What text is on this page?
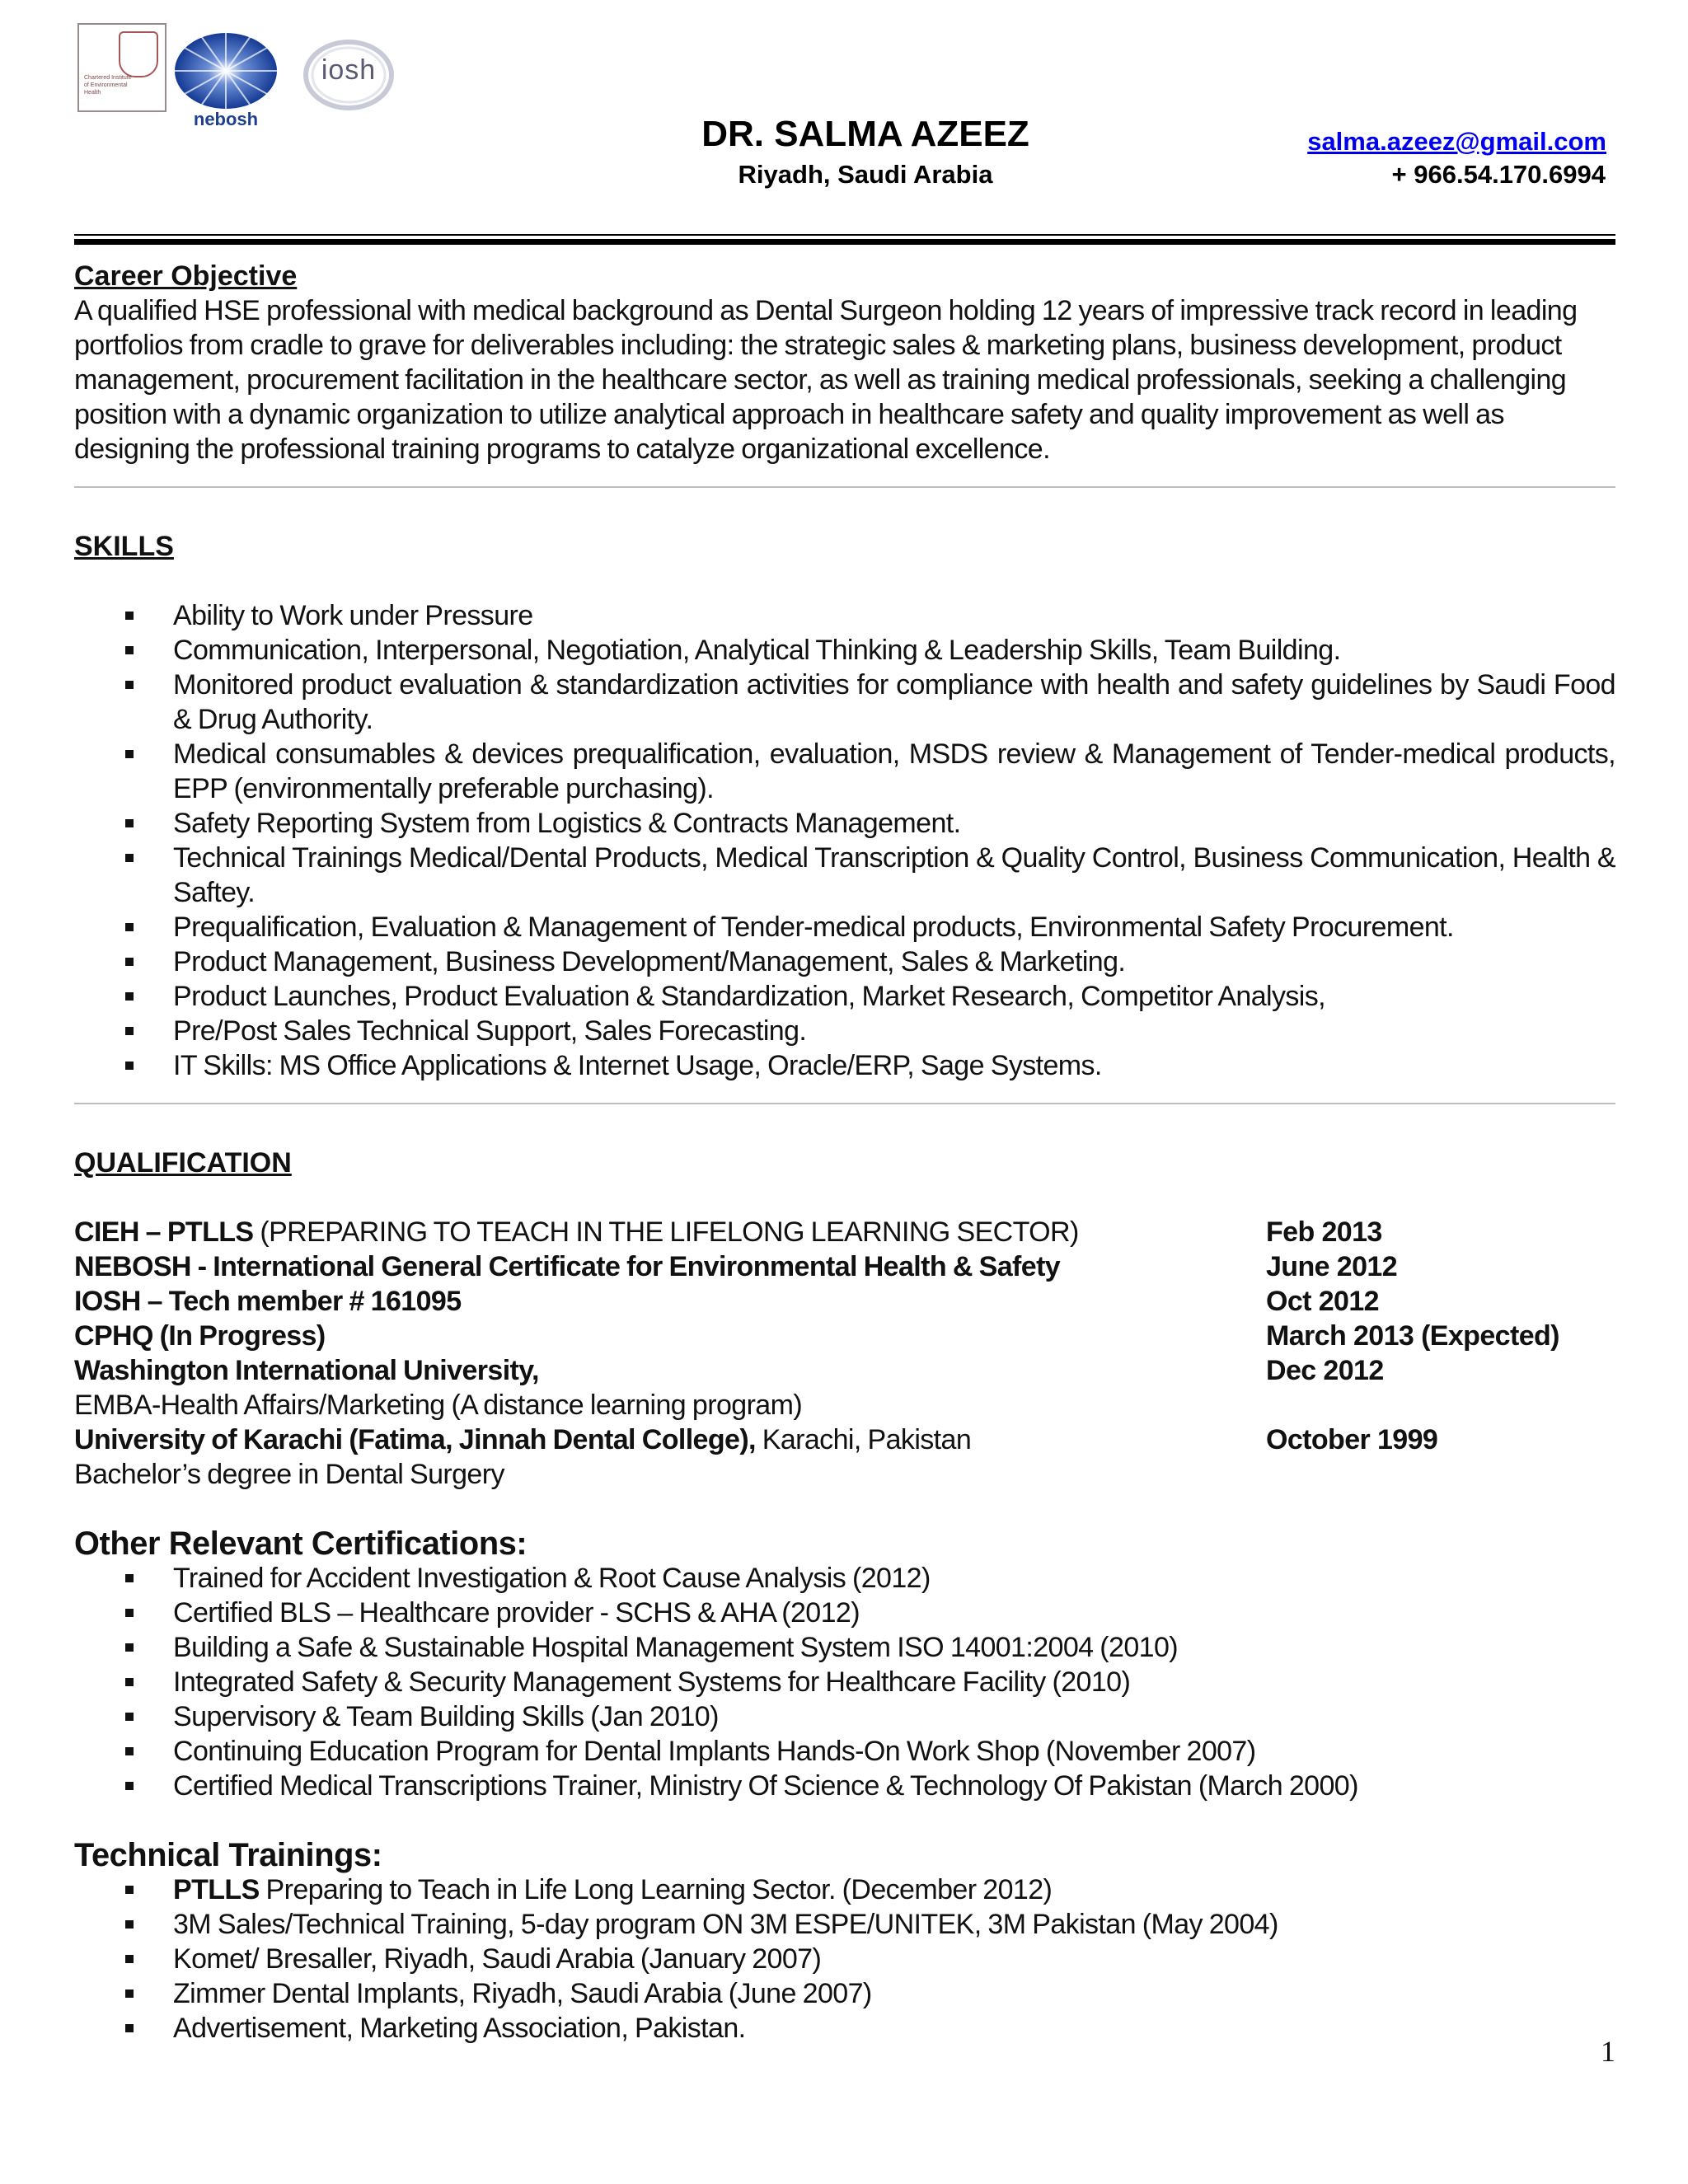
Chartered Institute of Environmental Health
nebosh
iosh
DR. SALMA AZEEZ
Riyadh, Saudi Arabia
salma.azeez@gmail.com
+ 966.54.170.6994
Career Objective

A qualified HSE professional with medical background as Dental Surgeon holding 12 years of impressive track record in leading portfolios from cradle to grave for deliverables including: the strategic sales & marketing plans, business development, product management, procurement facilitation in the healthcare sector, as well as training medical professionals, seeking a challenging position with a dynamic organization to utilize analytical approach in healthcare safety and quality improvement as well as designing the professional training programs to catalyze organizational excellence.

SKILLS
Ability to Work under Pressure
Communication, Interpersonal, Negotiation, Analytical Thinking & Leadership Skills, Team Building.
Monitored product evaluation & standardization activities for compliance with health and safety guidelines by Saudi Food & Drug Authority.
Medical consumables & devices prequalification, evaluation, MSDS review & Management of Tender-medical products, EPP (environmentally preferable purchasing).
Safety Reporting System from Logistics & Contracts Management.
Technical Trainings Medical/Dental Products, Medical Transcription & Quality Control, Business Communication, Health & Saftey.
Prequalification, Evaluation & Management of Tender-medical products, Environmental Safety Procurement.
Product Management, Business Development/Management, Sales & Marketing.
Product Launches, Product Evaluation & Standardization, Market Research, Competitor Analysis,
Pre/Post Sales Technical Support, Sales Forecasting.
IT Skills: MS Office Applications & Internet Usage, Oracle/ERP, Sage Systems.
QUALIFICATION
CIEH – PTLLS (PREPARING TO TEACH IN THE LIFELONG LEARNING SECTOR)	Feb 2013
NEBOSH - International General Certificate for Environmental Health & Safety	June 2012
IOSH – Tech member # 161095	Oct 2012
CPHQ (In Progress)	March 2013 (Expected)
Washington International University,	Dec 2012
EMBA-Health Affairs/Marketing (A distance learning program)
University of Karachi (Fatima, Jinnah Dental College), Karachi, Pakistan	October 1999
Bachelor’s degree in Dental Surgery
Other Relevant Certifications:
Trained for Accident Investigation & Root Cause Analysis (2012)
Certified BLS – Healthcare provider - SCHS & AHA (2012)
Building a Safe & Sustainable Hospital Management System ISO 14001:2004 (2010)
Integrated Safety & Security Management Systems for Healthcare Facility (2010)
Supervisory & Team Building Skills (Jan 2010)
Continuing Education Program for Dental Implants Hands-On Work Shop (November 2007)
Certified Medical Transcriptions Trainer, Ministry Of Science & Technology Of Pakistan (March 2000)
Technical Trainings:
PTLLS Preparing to Teach in Life Long Learning Sector. (December 2012)
3M Sales/Technical Training, 5-day program ON 3M ESPE/UNITEK, 3M Pakistan (May 2004)
Komet/ Bresaller, Riyadh, Saudi Arabia (January 2007)
Zimmer Dental Implants, Riyadh, Saudi Arabia (June 2007)
Advertisement, Marketing Association, Pakistan.
1
